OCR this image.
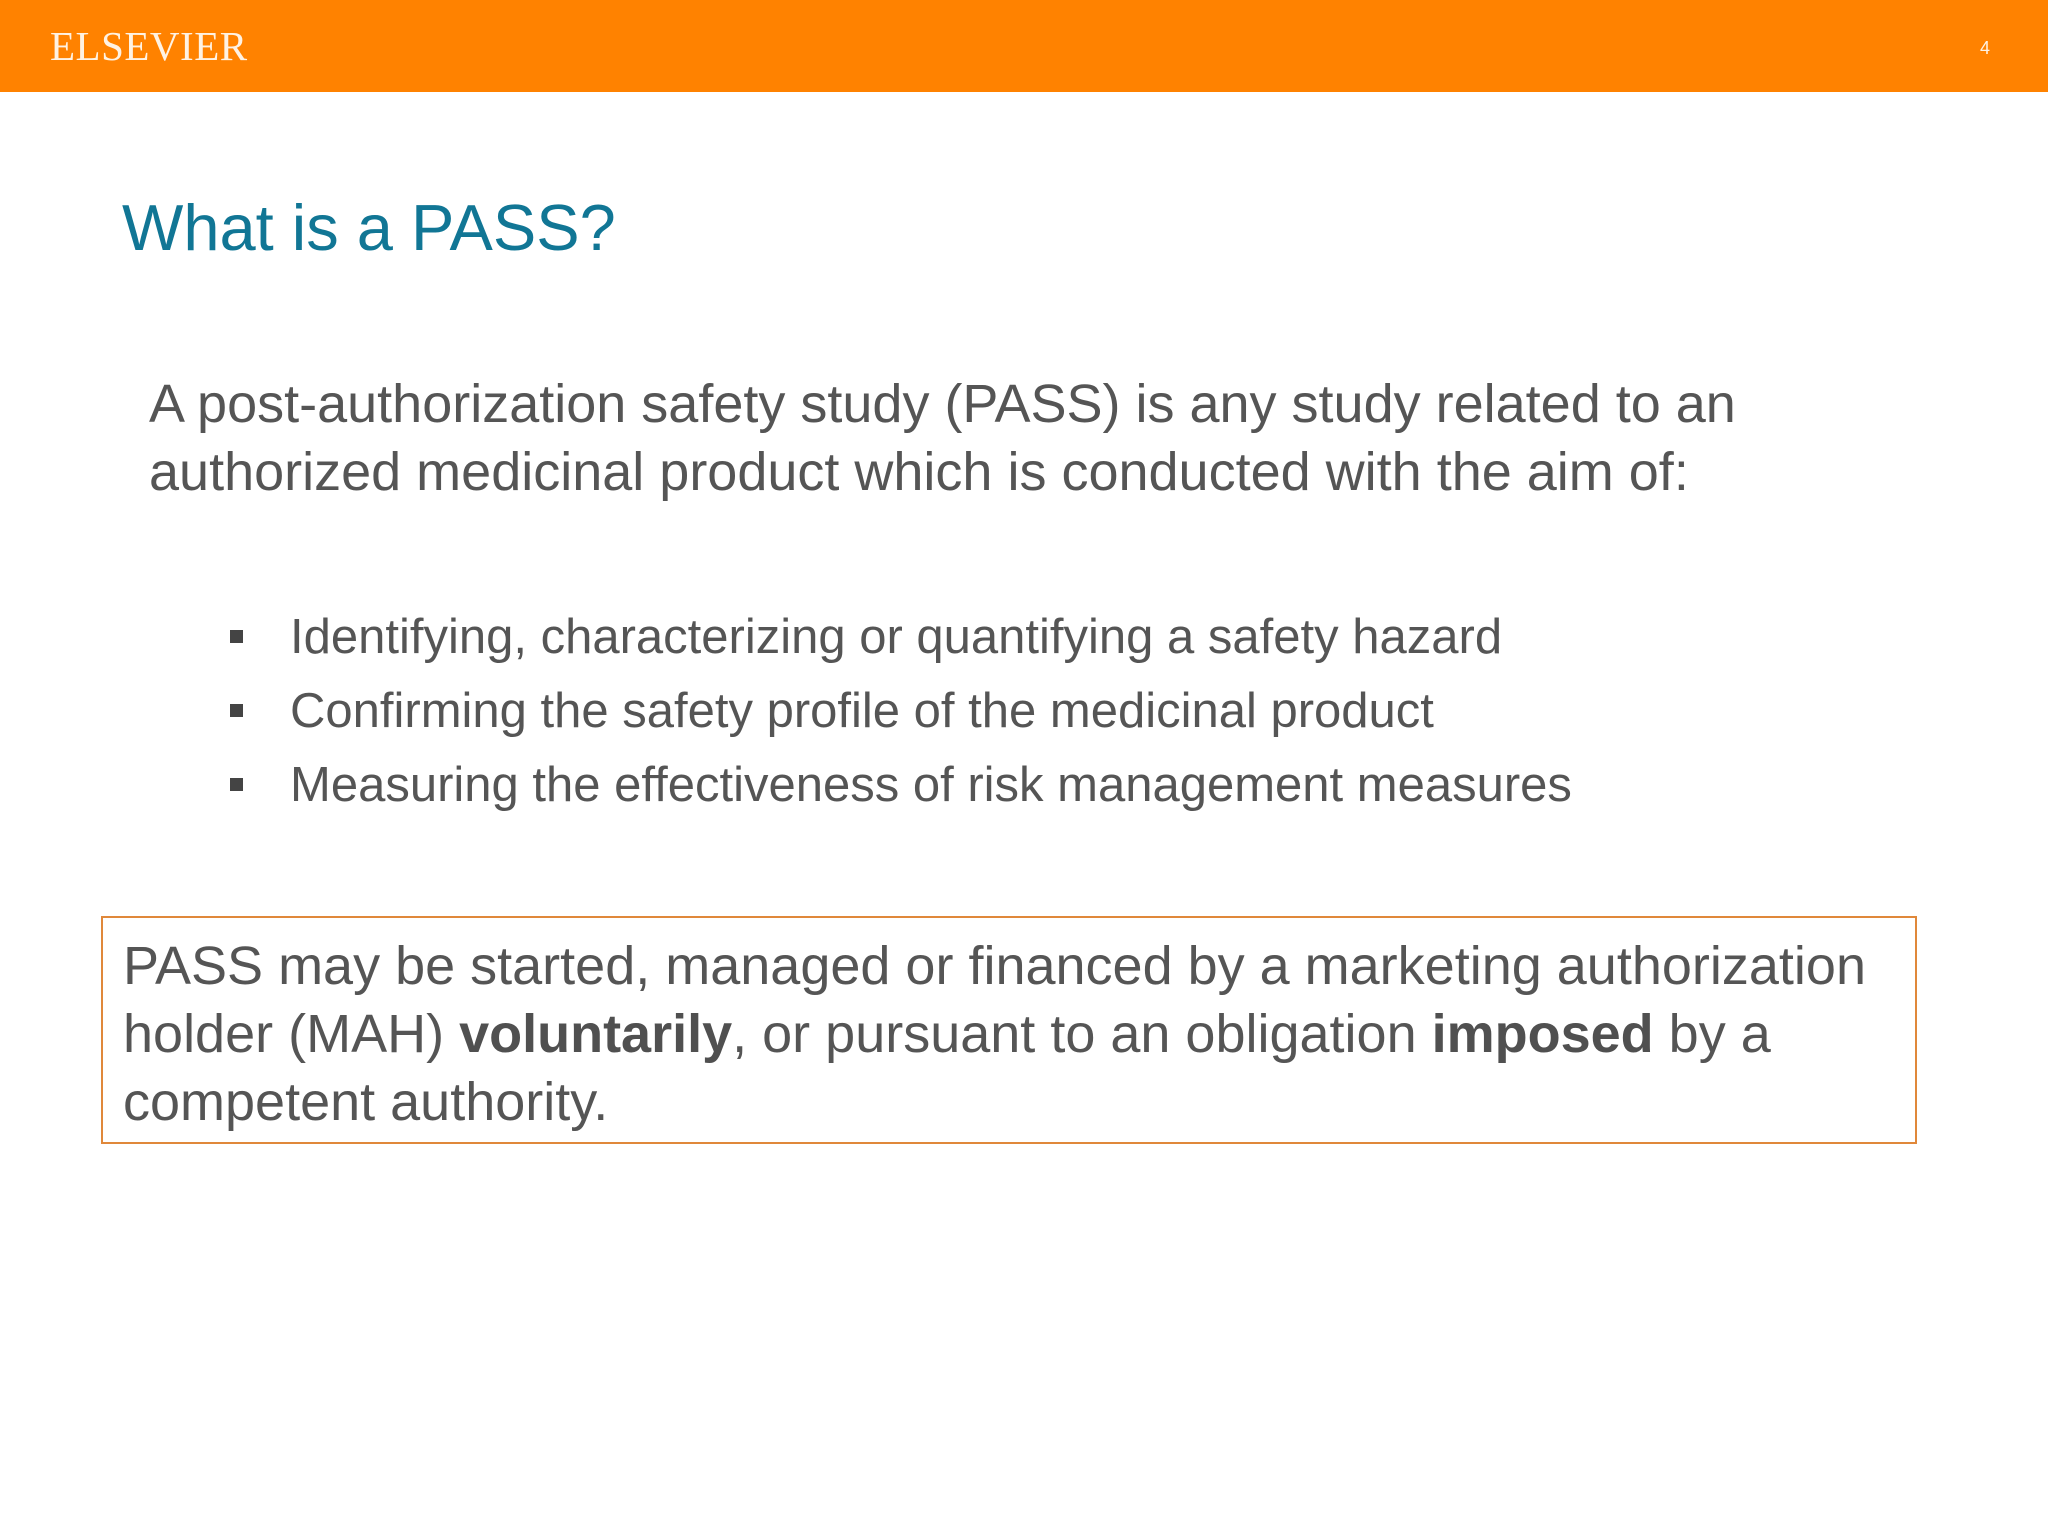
ELSEVIER	4
What is a PASS?
A post-authorization safety study (PASS) is any study related to an authorized medicinal product which is conducted with the aim of:
Identifying, characterizing or quantifying a safety hazard
Confirming the safety profile of the medicinal product
Measuring the effectiveness of risk management measures
PASS may be started, managed or financed by a marketing authorization holder (MAH) voluntarily, or pursuant to an obligation imposed by a competent authority.
